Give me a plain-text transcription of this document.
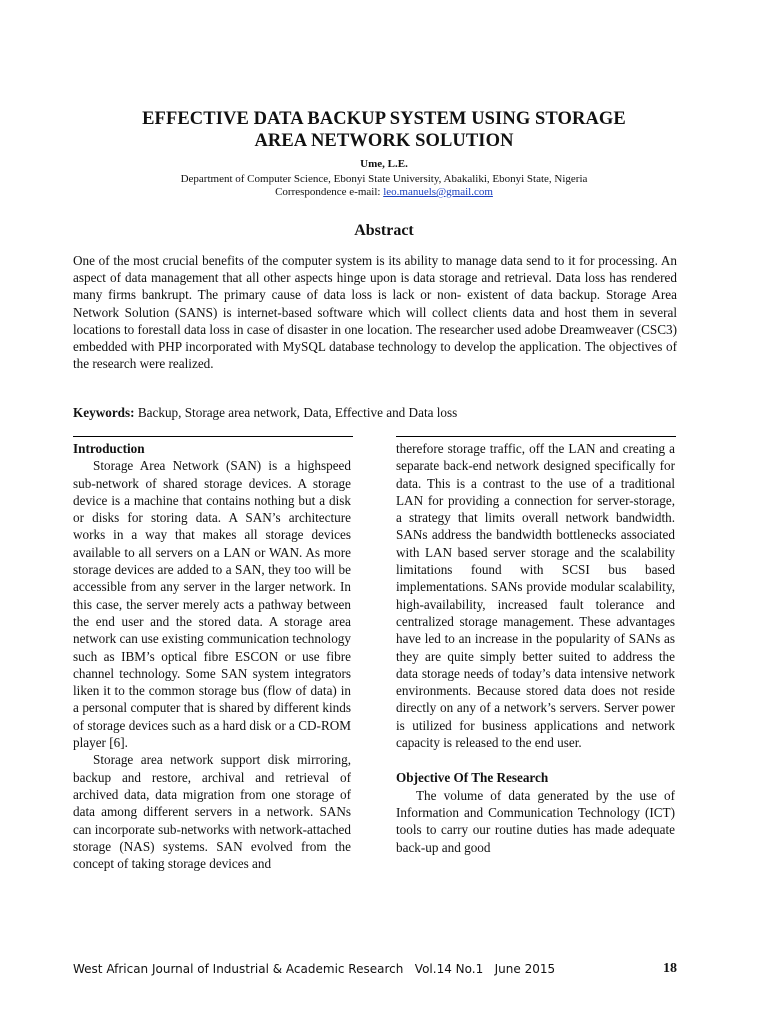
EFFECTIVE DATA BACKUP SYSTEM USING STORAGE
AREA NETWORK SOLUTION
Ume, L.E.
Department of Computer Science, Ebonyi State University, Abakaliki, Ebonyi State, Nigeria
Correspondence e-mail: leo.manuels@gmail.com
Abstract

One of the most crucial benefits of the computer system is its ability to manage data send to it for processing. An aspect of data management that all other aspects hinge upon is data storage and retrieval. Data loss has rendered many firms bankrupt. The primary cause of data loss is lack or non- existent of data backup. Storage Area Network Solution (SANS) is internet-based software which will collect clients data and host them in several locations to forestall data loss in case of disaster in one location. The researcher used adobe Dreamweaver (CSC3) embedded with PHP incorporated with MySQL database technology to develop the application. The objectives of the research were realized.

Keywords: Backup, Storage area network, Data, Effective and Data loss
Introduction

Storage Area Network (SAN) is a highspeed sub-network of shared storage devices. A storage device is a machine that contains nothing but a disk or disks for storing data. A SAN’s architecture works in a way that makes all storage devices available to all servers on a LAN or WAN. As more storage devices are added to a SAN, they too will be accessible from any server in the larger network. In this case, the server merely acts a pathway between the end user and the stored data. A storage area network can use existing communication technology such as IBM’s optical fibre ESCON or use fibre channel technology. Some SAN system integrators liken it to the common storage bus (flow of data) in a personal computer that is shared by different kinds of storage devices such as a hard disk or a CD-ROM player [6].

Storage area network support disk mirroring, backup and restore, archival and retrieval of archived data, data migration from one storage of data among different servers in a network. SANs can incorporate sub-networks with network-attached storage (NAS) systems. SAN evolved from the concept of taking storage devices and

therefore storage traffic, off the LAN and creating a separate back-end network designed specifically for data. This is a contrast to the use of a traditional LAN for providing a connection for server-storage, a strategy that limits overall network bandwidth. SANs address the bandwidth bottlenecks associated with LAN based server storage and the scalability limitations found with SCSI bus based implementations. SANs provide modular scalability, high-availability, increased fault tolerance and centralized storage management. These advantages have led to an increase in the popularity of SANs as they are quite simply better suited to address the data storage needs of today’s data intensive network environments. Because stored data does not reside directly on any of a network’s servers. Server power is utilized for business applications and network capacity is released to the end user.

Objective Of The Research

The volume of data generated by the use of Information and Communication Technology (ICT) tools to carry our routine duties has made adequate back-up and good

West African Journal of Industrial & Academic Research   Vol.14 No.1   June 2015	18
